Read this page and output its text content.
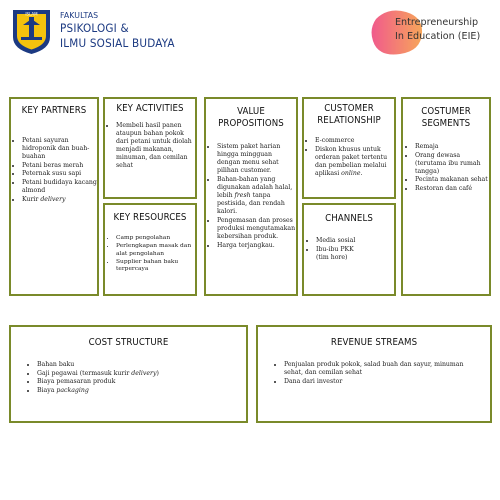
ISLAM	FAKULTAS
PSIKOLOGI &
ILMU SOSIAL BUDAYA
Entrepreneurship
In Education (EIE)
KEY PARTNERS
• Petani sayuran hidroponik dan buah-buahan
• Petani beras merah
• Peternak susu sapi
• Petani budidaya kacang almond
• Kurir delivery
KEY ACTIVITIES
• Membeli hasil panen ataupun bahan pokok dari petani untuk diolah menjadi makanan, minuman, dan cemilan sehat
KEY RESOURCES
• Camp pengolahan
• Perlengkapan masak dan alat pengolahan
• Supplier bahan baku terpercaya
VALUE
PROPOSITIONS
• Sistem paket harian hingga mingguan dengan menu sehat pilihan customer.
• Bahan-bahan yang digunakan adalah halal, lebih fresh tanpa pestisida, dan rendah kalori.
• Pengemasan dan proses produksi mengutamakan kebersihan produk.
• Harga terjangkau.
CUSTOMER
RELATIONSHIP
• E-commerce
• Diskon khusus untuk orderan paket tertentu dan pembelian melalui aplikasi online.
CHANNELS
• Media sosial
• Ibu-ibu PKK
(tim hore)
COSTUMER
SEGMENTS
• Remaja
• Orang dewasa (terutama ibu rumah tangga)
• Pecinta makanan sehat
• Restoran dan café
COST STRUCTURE
• Bahan baku
• Gaji pegawai (termasuk kurir delivery)
• Biaya pemasaran produk
• Biaya packaging
REVENUE STREAMS
• Penjualan produk pokok, salad buah dan sayur, minuman sehat, dan cemilan sehat
• Dana dari investor
